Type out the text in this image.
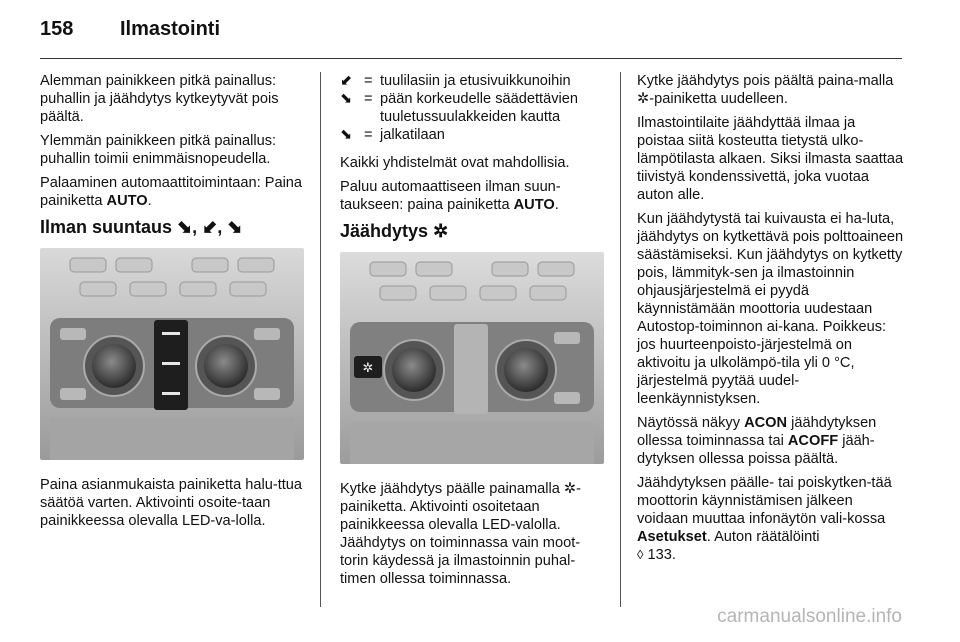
158 Ilmastointi

Alemman painikkeen pitkä painallus: puhallin ja jäähdytys kytkeytyvät pois päältä.

Ylemmän painikkeen pitkä painallus: puhallin toimii enimmäisnopeudella.

Palaaminen automaattitoimintaan: Paina painiketta AUTO.

Ilman suuntaus ⬊, ⬋, ⬊

Paina asianmukaista painiketta halu-ttua säätöä varten. Aktivointi osoite-taan painikkeessa olevalla LED-va-lolla.

⬋ = tuulilasiin ja etusivuikkunoihin
⬊ = pään korkeudelle säädettävien tuuletussuulakkeiden kautta
⬊ = jalkatilaan

Kaikki yhdistelmät ovat mahdollisia.

Paluu automaattiseen ilman suun-taukseen: paina painiketta AUTO.

Jäähdytys ✲
✲

Kytke jäähdytys päälle painamalla ✲-painiketta. Aktivointi osoitetaan painikkeessa olevalla LED-valolla. Jäähdytys on toiminnassa vain moot-torin käydessä ja ilmastoinnin puhal-timen ollessa toiminnassa.

Kytke jäähdytys pois päältä paina-malla ✲-painiketta uudelleen.

Ilmastointilaite jäähdyttää ilmaa ja poistaa siitä kosteutta tietystä ulko-lämpötilasta alkaen. Siksi ilmasta saattaa tiivistyä kondenssivettä, joka vuotaa auton alle.

Kun jäähdytystä tai kuivausta ei ha-luta, jäähdytys on kytkettävä pois polttoaineen säästämiseksi. Kun jäähdytys on kytketty pois, lämmityk-sen ja ilmastoinnin ohjausjärjestelmä ei pyydä käynnistämään moottoria uudestaan Autostop-toiminnon ai-kana. Poikkeus: jos huurteenpoisto-järjestelmä on aktivoitu ja ulkolämpö-tila yli 0 °C, järjestelmä pyytää uudel-leenkäynnistyksen.

Näytössä näkyy ACON jäähdytyksen ollessa toiminnassa tai ACOFF jääh-dytyksen ollessa poissa päältä.

Jäähdytyksen päälle- tai poiskytken-tää moottorin käynnistämisen jälkeen voidaan muuttaa infonäytön vali-kossa Asetukset. Auton räätälöinti
◊ 133.

carmanualsonline.info
